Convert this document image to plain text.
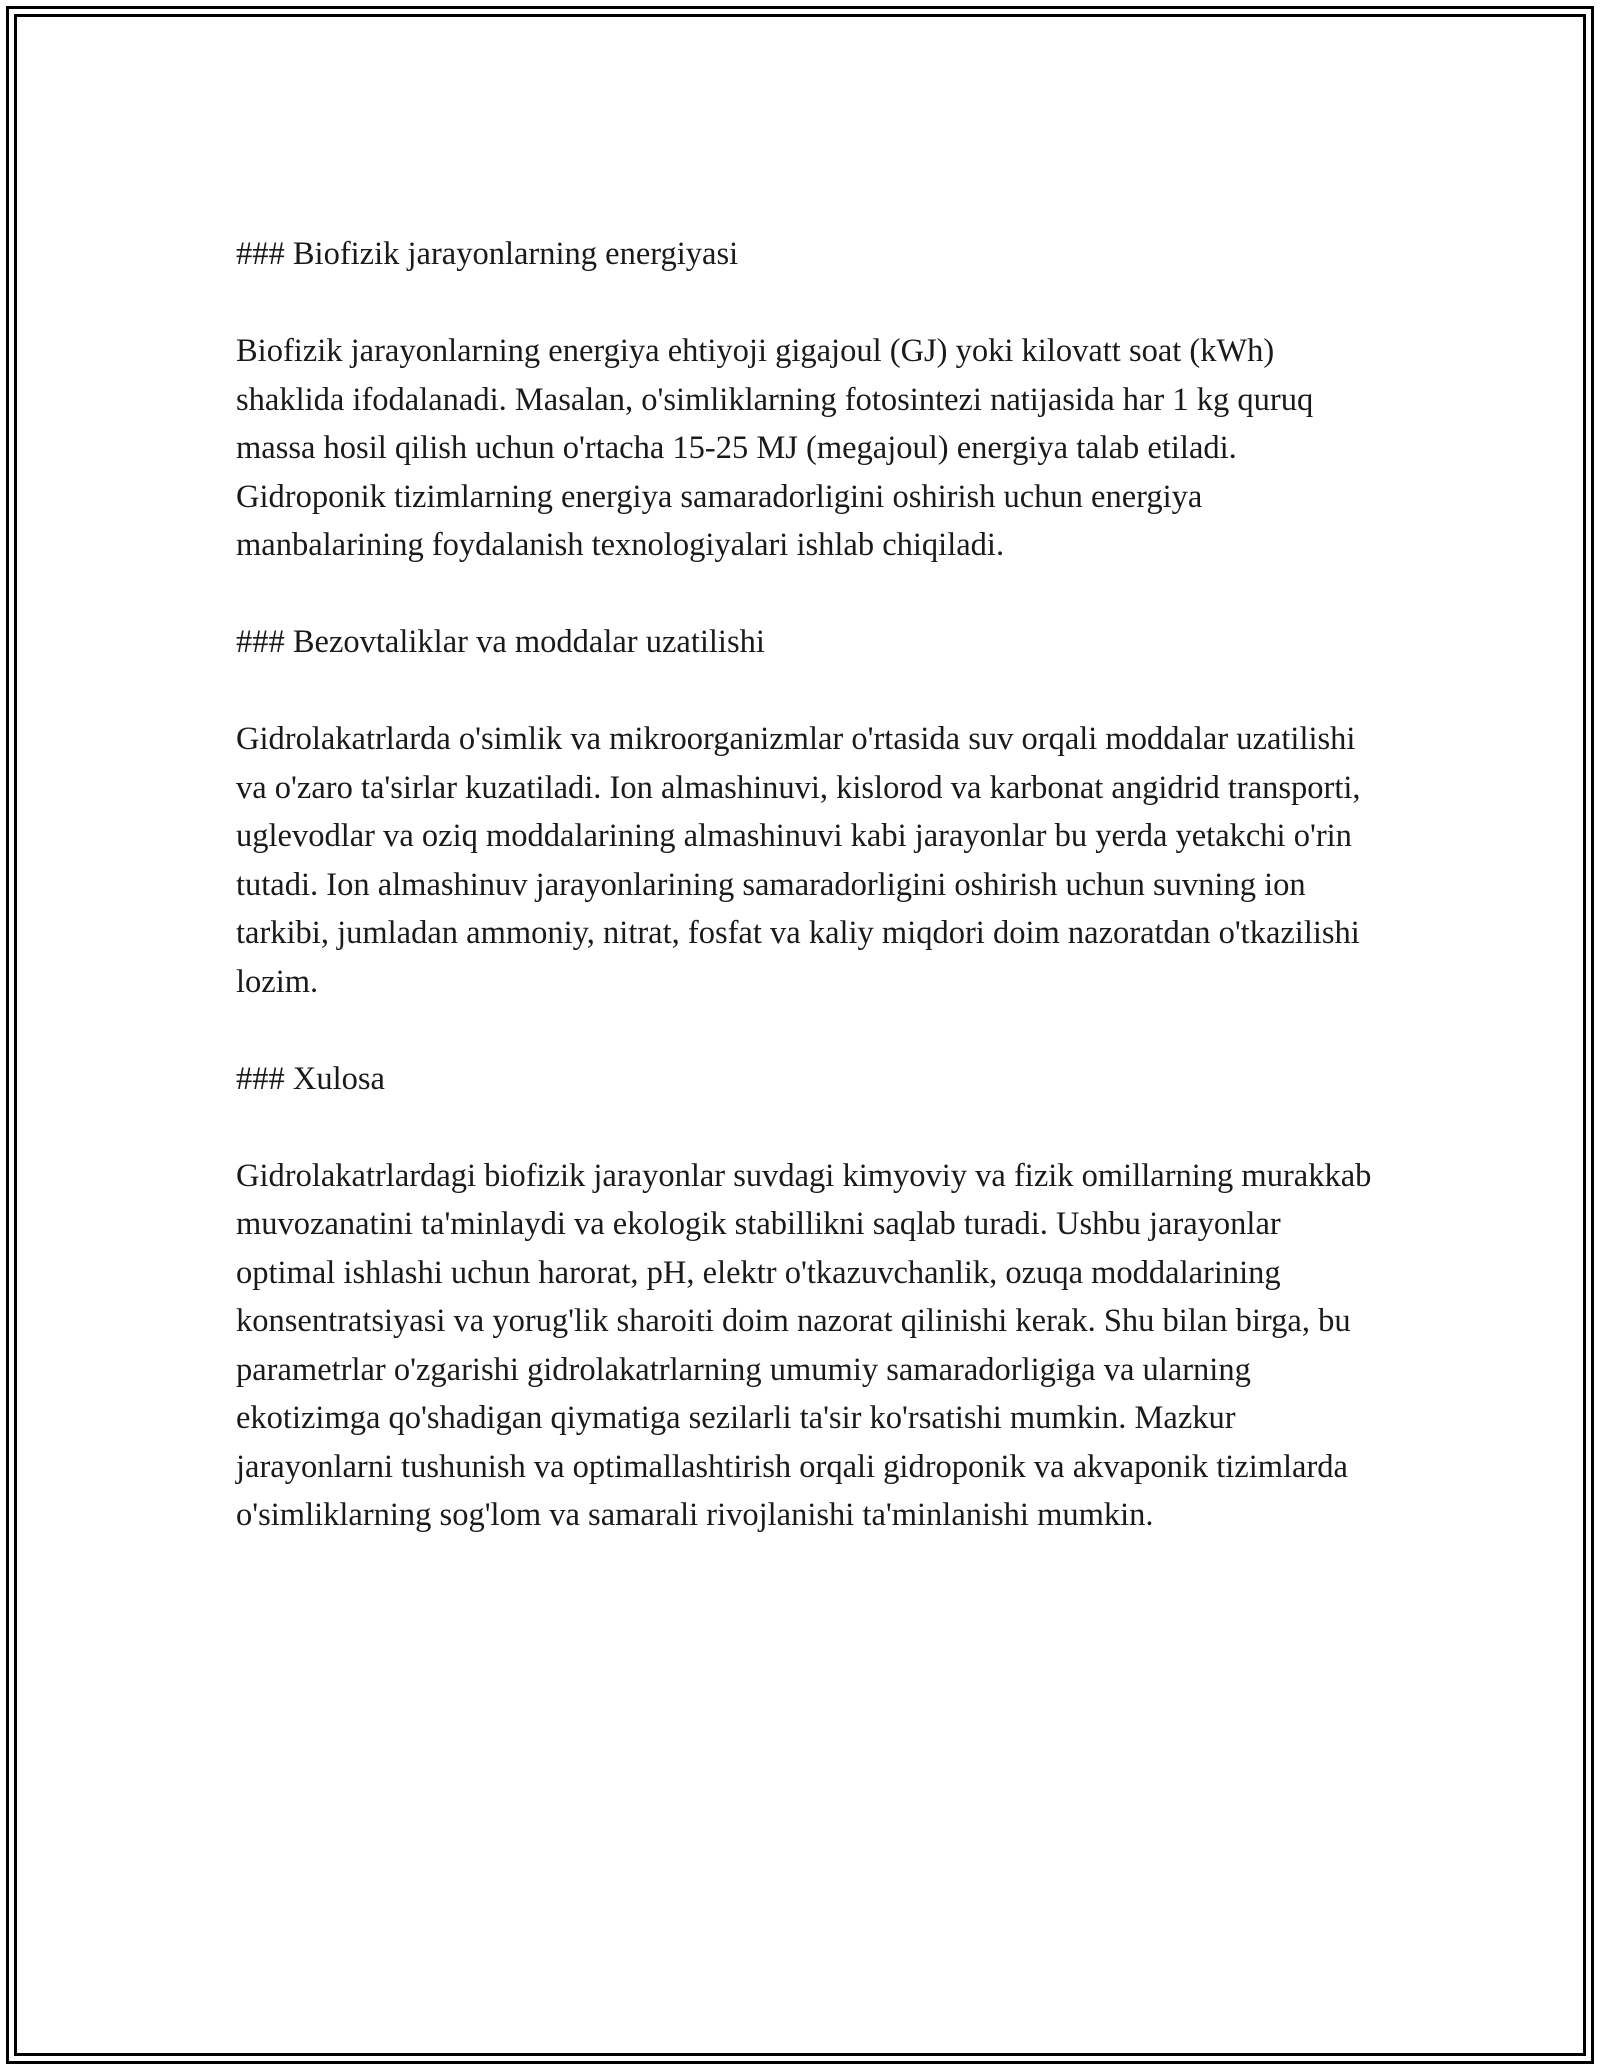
### Biofizik jarayonlarning energiyasi

Biofizik jarayonlarning energiya ehtiyoji gigajoul (GJ) yoki kilovatt soat (kWh) shaklida ifodalanadi. Masalan, o'simliklarning fotosintezi natijasida har 1 kg quruq massa hosil qilish uchun o'rtacha 15-25 MJ (megajoul) energiya talab etiladi. Gidroponik tizimlarning energiya samaradorligini oshirish uchun energiya manbalarining foydalanish texnologiyalari ishlab chiqiladi.

### Bezovtaliklar va moddalar uzatilishi

Gidrolakatrlarda o'simlik va mikroorganizmlar o'rtasida suv orqali moddalar uzatilishi va o'zaro ta'sirlar kuzatiladi. Ion almashinuvi, kislorod va karbonat angidrid transporti, uglevodlar va oziq moddalarining almashinuvi kabi jarayonlar bu yerda yetakchi o'rin tutadi. Ion almashinuv jarayonlarining samaradorligini oshirish uchun suvning ion tarkibi, jumladan ammoniy, nitrat, fosfat va kaliy miqdori doim nazoratdan o'tkazilishi lozim.

### Xulosa

Gidrolakatrlardagi biofizik jarayonlar suvdagi kimyoviy va fizik omillarning murakkab muvozanatini ta'minlaydi va ekologik stabillikni saqlab turadi. Ushbu jarayonlar optimal ishlashi uchun harorat, pH, elektr o'tkazuvchanlik, ozuqa moddalarining konsentratsiyasi va yorug'lik sharoiti doim nazorat qilinishi kerak. Shu bilan birga, bu parametrlar o'zgarishi gidrolakatrlarning umumiy samaradorligiga va ularning ekotizimga qo'shadigan qiymatiga sezilarli ta'sir ko'rsatishi mumkin. Mazkur jarayonlarni tushunish va optimallashtirish orqali gidroponik va akvaponik tizimlarda o'simliklarning sog'lom va samarali rivojlanishi ta'minlanishi mumkin.
